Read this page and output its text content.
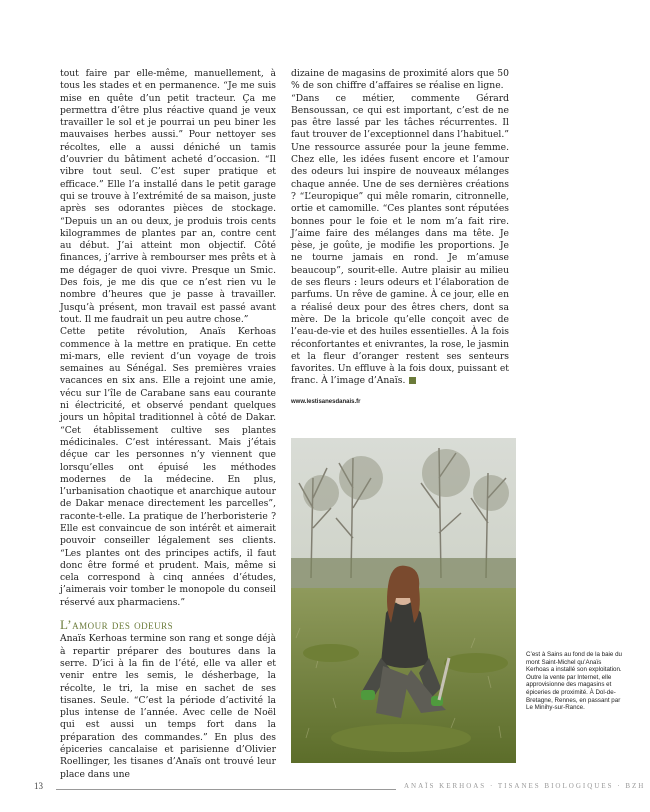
tout faire par elle-même, manuellement, à tous les stades et en permanence. “Je me suis mise en quête d’un petit tracteur. Ça me permettra d’être plus réactive quand je veux travailler le sol et je pourrai un peu biner les mauvaises herbes aussi.” Pour nettoyer ses récoltes, elle a aussi déniché un tamis d’ouvrier du bâtiment acheté d’occasion. “Il vibre tout seul. C’est super pratique et efficace.” Elle l’a installé dans le petit garage qui se trouve à l’extrémité de sa maison, juste après ses odorantes pièces de stockage. “Depuis un an ou deux, je produis trois cents kilogrammes de plantes par an, contre cent au début. J’ai atteint mon objectif. Côté finances, j’arrive à rembourser mes prêts et à me dégager de quoi vivre. Presque un Smic. Des fois, je me dis que ce n’est rien vu le nombre d’heures que je passe à travailler. Jusqu’à présent, mon travail est passé avant tout. Il me faudrait un peu autre chose.”

Cette petite révolution, Anaïs Kerhoas commence à la mettre en pratique. En cette mi-mars, elle revient d’un voyage de trois semaines au Sénégal. Ses premières vraies vacances en six ans. Elle a rejoint une amie, vécu sur l’île de Carabane sans eau courante ni électricité, et observé pendant quelques jours un hôpital traditionnel à côté de Dakar. “Cet établissement cultive ses plantes médicinales. C’est intéressant. Mais j’étais déçue car les personnes n’y viennent que lorsqu’elles ont épuisé les méthodes modernes de la médecine. En plus, l’urbanisation chaotique et anarchique autour de Dakar menace directement les parcelles”, raconte-t-elle. La pratique de l’herboristerie ? Elle est convaincue de son intérêt et aimerait pouvoir conseiller légalement ses clients. “Les plantes ont des principes actifs, il faut donc être formé et prudent. Mais, même si cela correspond à cinq années d’études, j’aimerais voir tomber le monopole du conseil réservé aux pharmaciens.”

L’amour des odeurs

Anaïs Kerhoas termine son rang et songe déjà à repartir préparer des boutures dans la serre. D’ici à la fin de l’été, elle va aller et venir entre les semis, le désherbage, la récolte, le tri, la mise en sachet de ses tisanes. Seule. “C’est la période d’activité la plus intense de l’année. Avec celle de Noël qui est aussi un temps fort dans la préparation des commandes.” En plus des épiceries cancalaise et parisienne d’Olivier Roellinger, les tisanes d’Anaïs ont trouvé leur place dans une

dizaine de magasins de proximité alors que 50 % de son chiffre d’affaires se réalise en ligne.

“Dans ce métier, commente Gérard Bensoussan, ce qui est important, c’est de ne pas être lassé par les tâches récurrentes. Il faut trouver de l’exceptionnel dans l’habituel.” Une ressource assurée pour la jeune femme. Chez elle, les idées fusent encore et l’amour des odeurs lui inspire de nouveaux mélanges chaque année. Une de ses dernières créations ? “L’europique” qui mêle romarin, citronnelle, ortie et camomille. “Ces plantes sont réputées bonnes pour le foie et le nom m’a fait rire. J’aime faire des mélanges dans ma tête. Je pèse, je goûte, je modifie les proportions. Je ne tourne jamais en rond. Je m’amuse beaucoup”, sourit-elle. Autre plaisir au milieu de ses fleurs : leurs odeurs et l’élaboration de parfums. Un rêve de gamine. À ce jour, elle en a réalisé deux pour des êtres chers, dont sa mère. De la bricole qu’elle conçoit avec de l’eau-de-vie et des huiles essentielles. À la fois réconfortantes et enivrantes, la rose, le jasmin et la fleur d’oranger restent ses senteurs favorites. Un effluve à la fois doux, puissant et franc. À l’image d’Anaïs.

www.lestisanesdanais.fr
C’est à Sains au fond de la baie du mont Saint-Michel qu’Anaïs Kerhoas a installé son exploitation. Outre la vente par Internet, elle approvisionne des magasins et épiceries de proximité. À Dol-de-Bretagne, Rennes, en passant par Le Minihy-sur-Rance.
13	ANAÏS KERHOAS · TISANES BIOLOGIQUES · BZH
